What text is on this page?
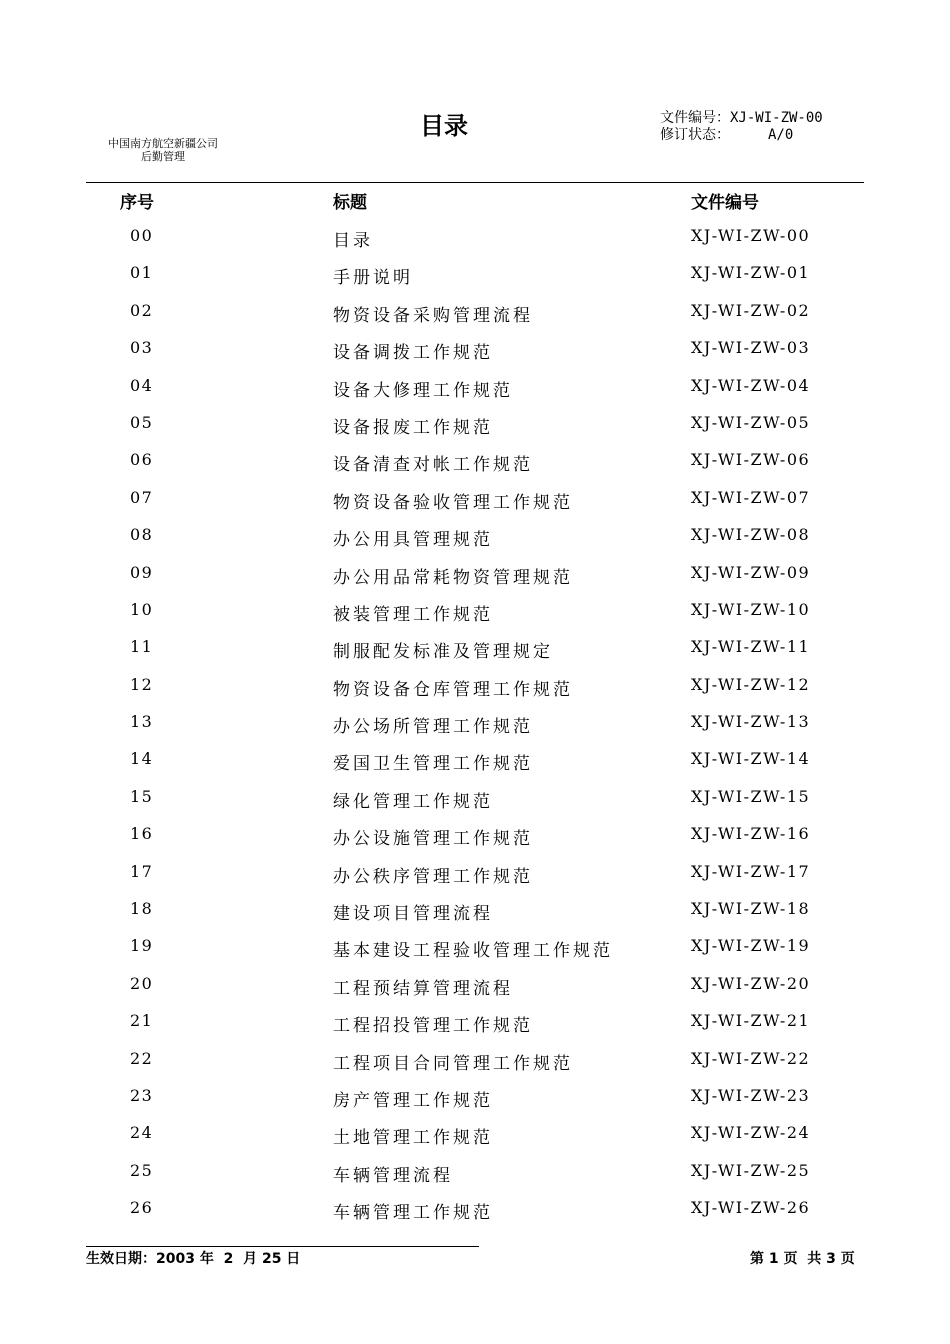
中国南方航空新疆公司
后勤管理
目录	文件编号：XJ-WI-ZW-00
修订状态：	A/0
序号	标题	文件编号
00	目录	XJ-WI-ZW-00
01	手册说明	XJ-WI-ZW-01
02	物资设备采购管理流程	XJ-WI-ZW-02
03	设备调拨工作规范	XJ-WI-ZW-03
04	设备大修理工作规范	XJ-WI-ZW-04
05	设备报废工作规范	XJ-WI-ZW-05
06	设备清查对帐工作规范	XJ-WI-ZW-06
07	物资设备验收管理工作规范	XJ-WI-ZW-07
08	办公用具管理规范	XJ-WI-ZW-08
09	办公用品常耗物资管理规范	XJ-WI-ZW-09
10	被装管理工作规范	XJ-WI-ZW-10
11	制服配发标准及管理规定	XJ-WI-ZW-11
12	物资设备仓库管理工作规范	XJ-WI-ZW-12
13	办公场所管理工作规范	XJ-WI-ZW-13
14	爱国卫生管理工作规范	XJ-WI-ZW-14
15	绿化管理工作规范	XJ-WI-ZW-15
16	办公设施管理工作规范	XJ-WI-ZW-16
17	办公秩序管理工作规范	XJ-WI-ZW-17
18	建设项目管理流程	XJ-WI-ZW-18
19	基本建设工程验收管理工作规范	XJ-WI-ZW-19
20	工程预结算管理流程	XJ-WI-ZW-20
21	工程招投管理工作规范	XJ-WI-ZW-21
22	工程项目合同管理工作规范	XJ-WI-ZW-22
23	房产管理工作规范	XJ-WI-ZW-23
24	土地管理工作规范	XJ-WI-ZW-24
25	车辆管理流程	XJ-WI-ZW-25
26	车辆管理工作规范	XJ-WI-ZW-26
生效日期：2003 年  2  月 25 日	第 1 页  共 3 页
